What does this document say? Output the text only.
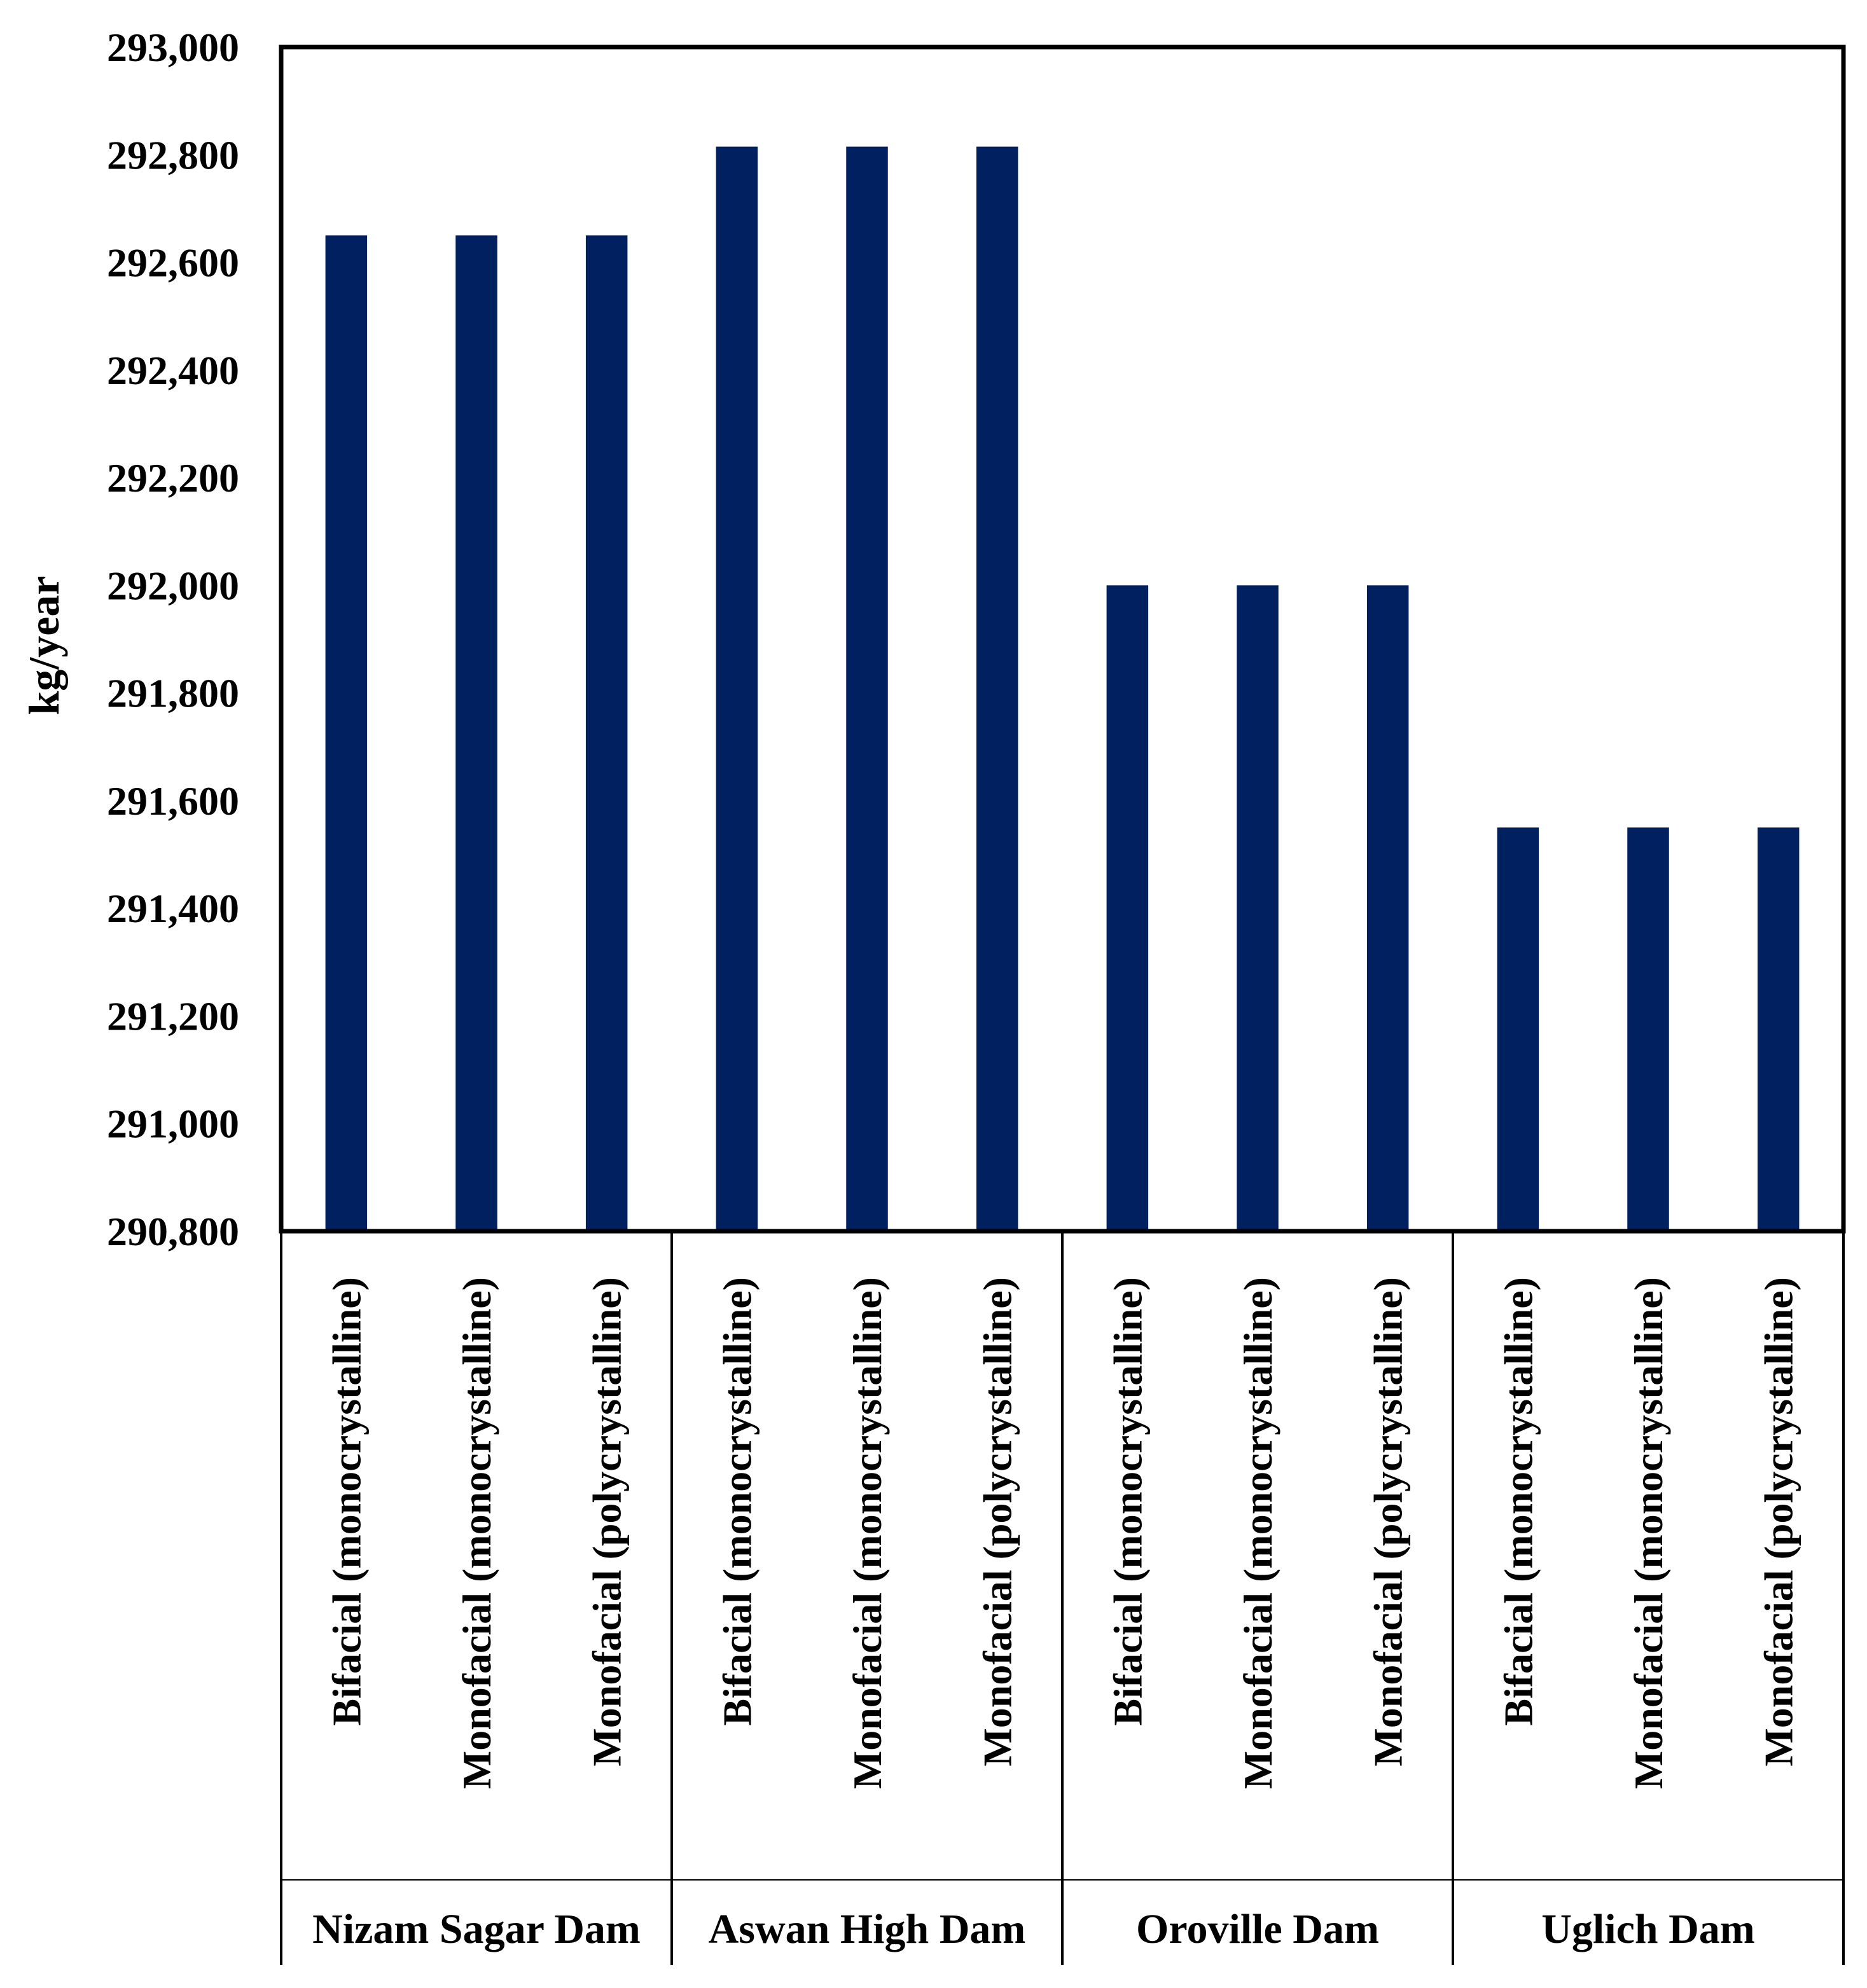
290,800
291,000
291,200
291,400
291,600
291,800
292,000
292,200
292,400
292,600
292,800
293,000
Bifacial (monocrystalline) Monofacial (monocrystalline) Monofacial (polycrystalline) Bifacial (monocrystalline) Monofacial (monocrystalline) Monofacial (polycrystalline) Bifacial (monocrystalline) Monofacial (monocrystalline) Monofacial (polycrystalline) Bifacial (monocrystalline) Monofacial (monocrystalline) Monofacial (polycrystalline)
Nizam Sagar Dam Aswan High Dam	Oroville Dam	Uglich Dam
kg/year
